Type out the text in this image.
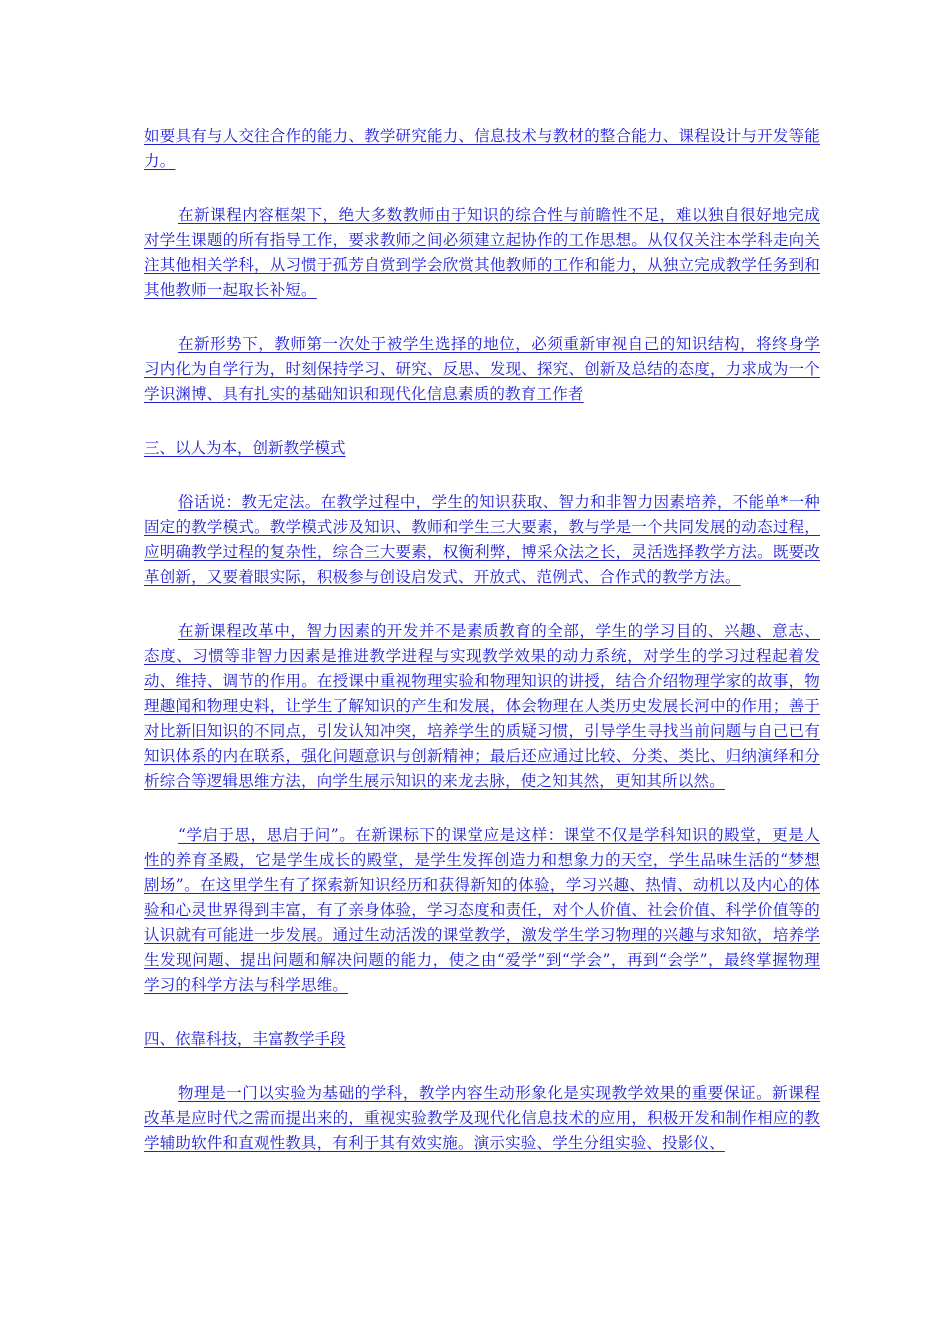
如要具有与人交往合作的能力、教学研究能力、信息技术与教材的整合能力、课程设计与开发等能力。

在新课程内容框架下，绝大多数教师由于知识的综合性与前瞻性不足，难以独自很好地完成对学生课题的所有指导工作，要求教师之间必须建立起协作的工作思想。从仅仅关注本学科走向关注其他相关学科，从习惯于孤芳自赏到学会欣赏其他教师的工作和能力，从独立完成教学任务到和其他教师一起取长补短。

在新形势下，教师第一次处于被学生选择的地位，必须重新审视自己的知识结构，将终身学习内化为自学行为，时刻保持学习、研究、反思、发现、探究、创新及总结的态度，力求成为一个学识渊博、具有扎实的基础知识和现代化信息素质的教育工作者

三、以人为本，创新教学模式

俗话说：教无定法。在教学过程中，学生的知识获取、智力和非智力因素培养，不能单*一种固定的教学模式。教学模式涉及知识、教师和学生三大要素，教与学是一个共同发展的动态过程，应明确教学过程的复杂性，综合三大要素，权衡利弊，博采众法之长，灵活选择教学方法。既要改革创新，又要着眼实际，积极参与创设启发式、开放式、范例式、合作式的教学方法。

在新课程改革中，智力因素的开发并不是素质教育的全部，学生的学习目的、兴趣、意志、态度、习惯等非智力因素是推进教学进程与实现教学效果的动力系统，对学生的学习过程起着发动、维持、调节的作用。在授课中重视物理实验和物理知识的讲授，结合介绍物理学家的故事，物理趣闻和物理史料，让学生了解知识的产生和发展，体会物理在人类历史发展长河中的作用；善于对比新旧知识的不同点，引发认知冲突，培养学生的质疑习惯，引导学生寻找当前问题与自己已有知识体系的内在联系，强化问题意识与创新精神；最后还应通过比较、分类、类比、归纳演绎和分析综合等逻辑思维方法，向学生展示知识的来龙去脉，使之知其然，更知其所以然。

“学启于思，思启于问”。在新课标下的课堂应是这样：课堂不仅是学科知识的殿堂，更是人性的养育圣殿，它是学生成长的殿堂，是学生发挥创造力和想象力的天空，学生品味生活的“梦想剧场”。在这里学生有了探索新知识经历和获得新知的体验，学习兴趣、热情、动机以及内心的体验和心灵世界得到丰富，有了亲身体验，学习态度和责任，对个人价值、社会价值、科学价值等的认识就有可能进一步发展。通过生动活泼的课堂教学，激发学生学习物理的兴趣与求知欲，培养学生发现问题、提出问题和解决问题的能力，使之由“爱学”到“学会”，再到“会学”，最终掌握物理学习的科学方法与科学思维。

四、依靠科技，丰富教学手段

物理是一门以实验为基础的学科，教学内容生动形象化是实现教学效果的重要保证。新课程改革是应时代之需而提出来的，重视实验教学及现代化信息技术的应用，积极开发和制作相应的教学辅助软件和直观性教具，有利于其有效实施。演示实验、学生分组实验、投影仪、
